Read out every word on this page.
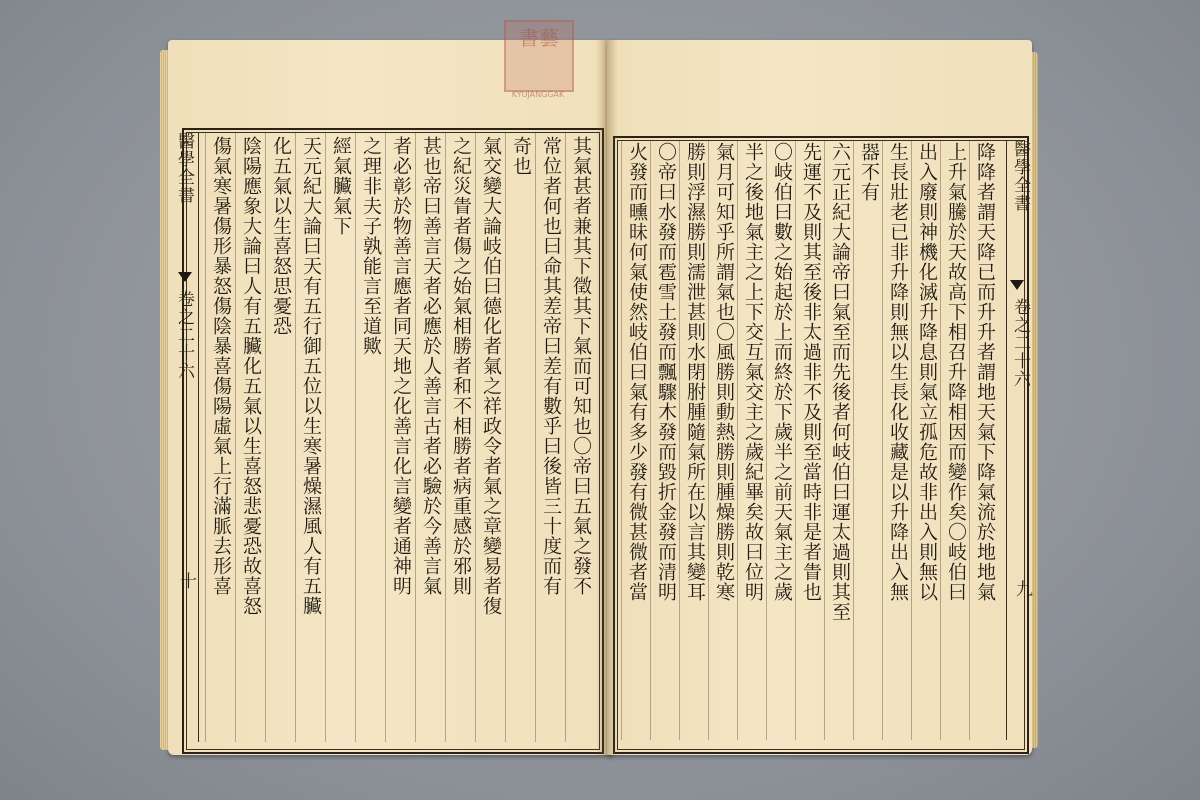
書藝
KYUJANGGAK
醫學全書
卷之二十六
十	其氣甚者兼其下徵其下氣而可知也〇帝曰五氣之發不
常位者何也曰命其差帝曰差有數乎曰後皆三十度而有
奇也
氣交變大論岐伯曰德化者氣之祥政令者氣之章變易者復
之紀災眚者傷之始氣相勝者和不相勝者病重感於邪則
甚也帝曰善言天者必應於人善言古者必驗於今善言氣
者必彰於物善言應者同天地之化善言化言變者通神明
之理非夫子孰能言至道歟
經氣臟氣下
天元紀大論曰天有五行御五位以生寒暑燥濕風人有五臟
化五氣以生喜怒思憂恐
陰陽應象大論曰人有五臟化五氣以生喜怒悲憂恐故喜怒
傷氣寒暑傷形暴怒傷陰暴喜傷陽虛氣上行滿脈去形喜	醫學全書
卷之二十六
九
降降者謂天降已而升升者謂地天氣下降氣流於地地氣
上升氣騰於天故高下相召升降相因而變作矣〇岐伯曰
出入廢則神機化滅升降息則氣立孤危故非出入則無以
生長壯老已非升降則無以生長化收藏是以升降出入無
器不有
六元正紀大論帝曰氣至而先後者何岐伯曰運太過則其至
先運不及則其至後非太過非不及則至當時非是者眚也
〇岐伯曰數之始起於上而終於下歲半之前天氣主之歲
半之後地氣主之上下交互氣交主之歲紀畢矣故曰位明
氣月可知乎所謂氣也〇風勝則動熱勝則腫燥勝則乾寒
勝則浮濕勝則濡泄甚則水閉胕腫隨氣所在以言其變耳
〇帝曰水發而雹雪土發而飄驟木發而毀折金發而清明
火發而曛昧何氣使然岐伯曰氣有多少發有微甚微者當
